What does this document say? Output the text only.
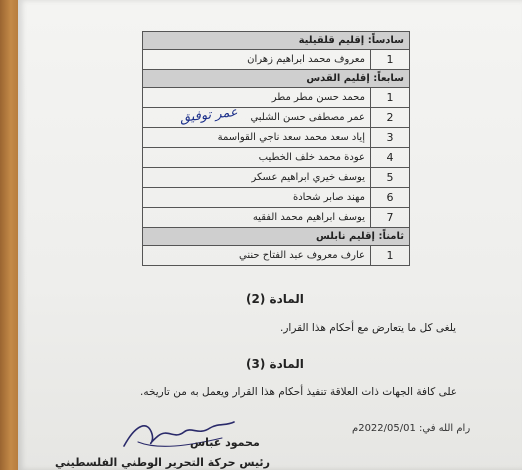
سادساً: إقليم قلقيلية	
1	معروف محمد ابراهيم زهران
سابعاً: إقليم القدس	
1	محمد حسن مطر مطر
2	عمر مصطفى حسن الشلبي
3	إياد سعد محمد سعد ناجي القواسمة
4	عودة محمد خلف الخطيب
5	يوسف خيري ابراهيم عسكر
6	مهند صابر شحادة
7	يوسف ابراهيم محمد الفقيه
ثامناً: إقليم نابلس	
1	عارف معروف عبد الفتاح حنني
عمر توفيق
المادة (2)
يلغى كل ما يتعارض مع أحكام هذا القرار.
المادة (3)
على كافة الجهات ذات العلاقة تنفيذ أحكام هذا القرار ويعمل به من تاريخه.
رام الله في: 2022/05/01م
محمود عباس
رئيس حركة التحرير الوطني الفلسطيني
